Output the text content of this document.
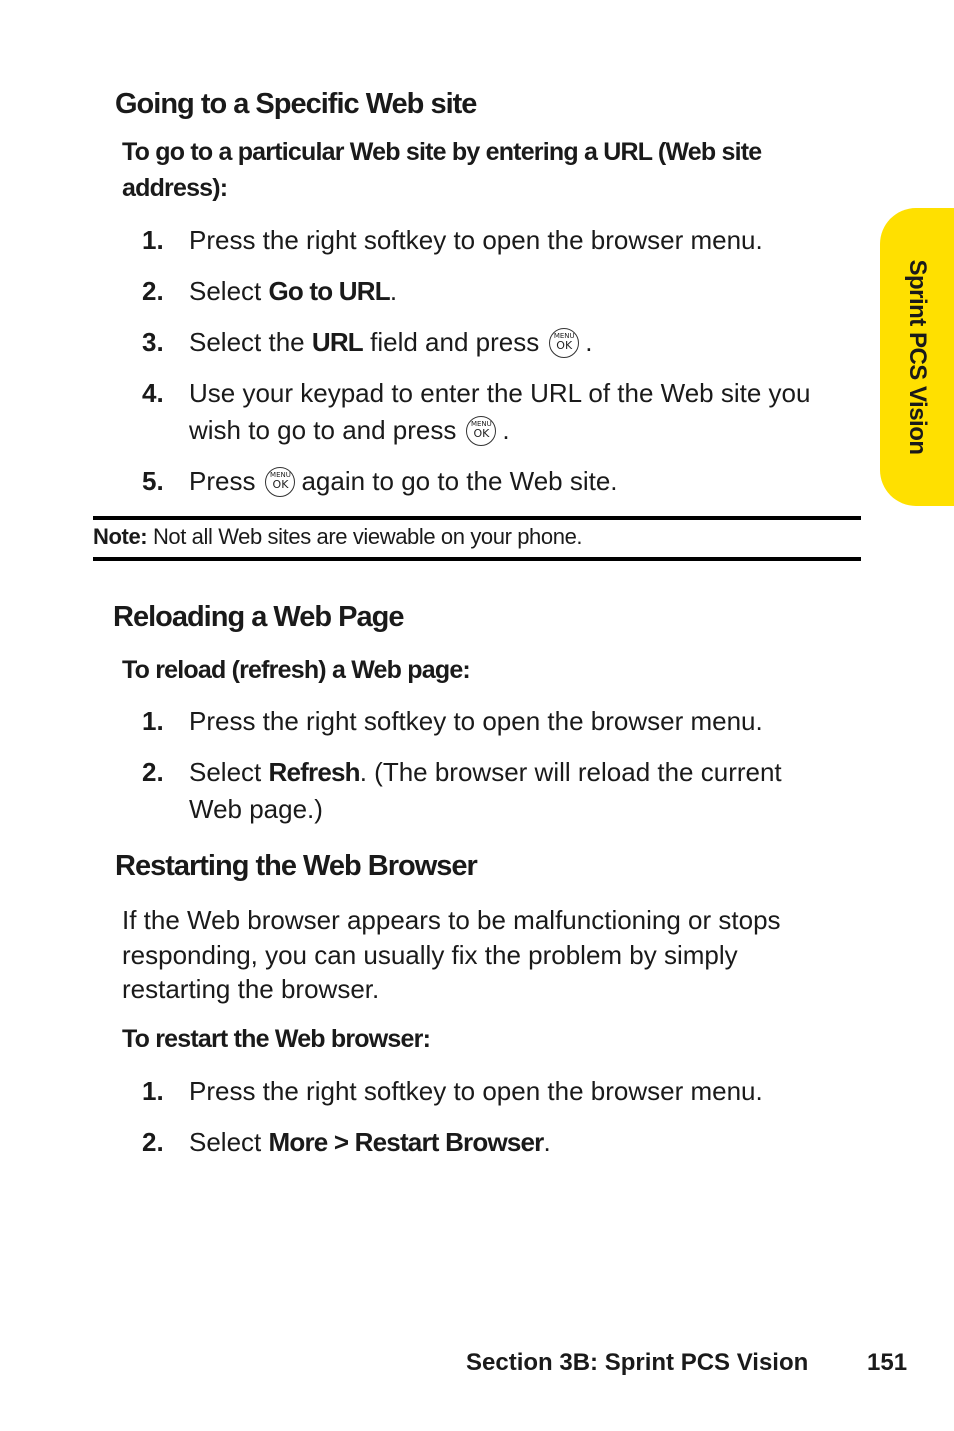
Sprint PCS Vision
Going to a Specific Web site
To go to a particular Web site by entering a URL (Web site address):
1. Press the right softkey to open the browser menu.
2. Select Go to URL.
3. Select the URL field and press	MENU
OK .
4. Use your keypad to enter the URL of the Web site you
wish to go to and press	MENU
OK .
5. Press	MENU
OK again to go to the Web site.
Note: Not all Web sites are viewable on your phone.
Reloading a Web Page
To reload (refresh) a Web page:
1. Press the right softkey to open the browser menu.
2. Select Refresh. (The browser will reload the current Web page.)
Restarting the Web Browser
If the Web browser appears to be malfunctioning or stops responding, you can usually fix the problem by simply restarting the browser.
To restart the Web browser:
1. Press the right softkey to open the browser menu.
2. Select More > Restart Browser.
Section 3B: Sprint PCS Vision 151
